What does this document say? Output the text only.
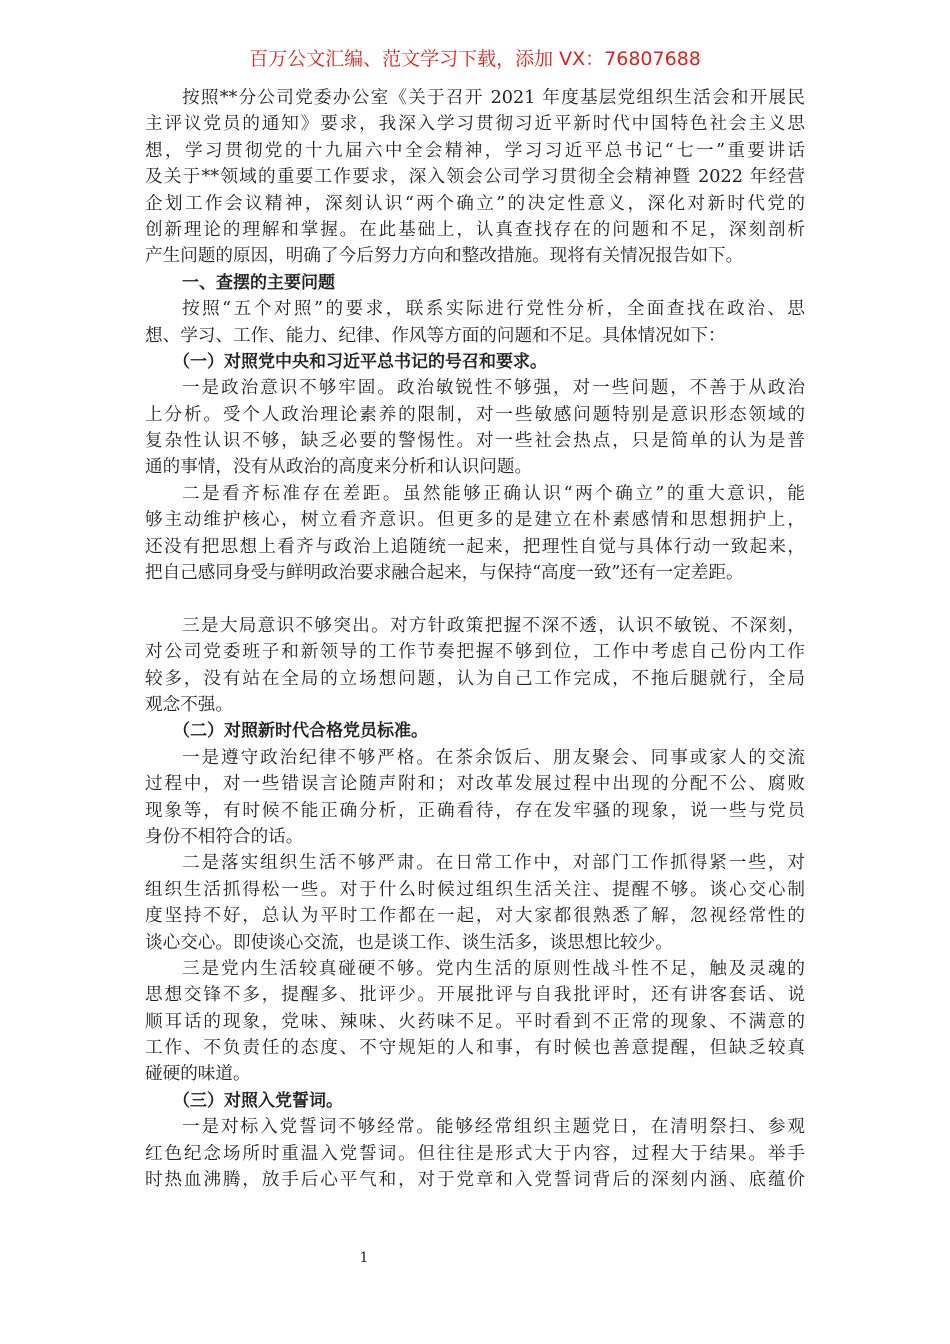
百万公文汇编、范文学习下载，添加 VX：76807688
按照**分公司党委办公室《关于召开 2021 年度基层党组织生活会和开展民
主评议党员的通知》要求，我深入学习贯彻习近平新时代中国特色社会主义思
想，学习贯彻党的十九届六中全会精神，学习习近平总书记“七一”重要讲话
及关于**领域的重要工作要求，深入领会公司学习贯彻全会精神暨 2022 年经营
企划工作会议精神，深刻认识“两个确立”的决定性意义，深化对新时代党的
创新理论的理解和掌握。在此基础上，认真查找存在的问题和不足，深刻剖析
产生问题的原因，明确了今后努力方向和整改措施。现将有关情况报告如下。
一、查摆的主要问题
按照“五个对照”的要求，联系实际进行党性分析，全面查找在政治、思
想、学习、工作、能力、纪律、作风等方面的问题和不足。具体情况如下：
（一）对照党中央和习近平总书记的号召和要求。
一是政治意识不够牢固。政治敏锐性不够强，对一些问题，不善于从政治
上分析。受个人政治理论素养的限制，对一些敏感问题特别是意识形态领域的
复杂性认识不够，缺乏必要的警惕性。对一些社会热点，只是简单的认为是普
通的事情，没有从政治的高度来分析和认识问题。
二是看齐标准存在差距。虽然能够正确认识“两个确立”的重大意识，能
够主动维护核心，树立看齐意识。但更多的是建立在朴素感情和思想拥护上，
还没有把思想上看齐与政治上追随统一起来，把理性自觉与具体行动一致起来，
把自己感同身受与鲜明政治要求融合起来，与保持“高度一致”还有一定差距。
三是大局意识不够突出。对方针政策把握不深不透，认识不敏锐、不深刻，
对公司党委班子和新领导的工作节奏把握不够到位，工作中考虑自己份内工作
较多，没有站在全局的立场想问题，认为自己工作完成，不拖后腿就行，全局
观念不强。
（二）对照新时代合格党员标准。
一是遵守政治纪律不够严格。在茶余饭后、朋友聚会、同事或家人的交流
过程中，对一些错误言论随声附和；对改革发展过程中出现的分配不公、腐败
现象等，有时候不能正确分析，正确看待，存在发牢骚的现象，说一些与党员
身份不相符合的话。
二是落实组织生活不够严肃。在日常工作中，对部门工作抓得紧一些，对
组织生活抓得松一些。对于什么时候过组织生活关注、提醒不够。谈心交心制
度坚持不好，总认为平时工作都在一起，对大家都很熟悉了解，忽视经常性的
谈心交心。即使谈心交流，也是谈工作、谈生活多，谈思想比较少。
三是党内生活较真碰硬不够。党内生活的原则性战斗性不足，触及灵魂的
思想交锋不多，提醒多、批评少。开展批评与自我批评时，还有讲客套话、说
顺耳话的现象，党味、辣味、火药味不足。平时看到不正常的现象、不满意的
工作、不负责任的态度、不守规矩的人和事，有时候也善意提醒，但缺乏较真
碰硬的味道。
（三）对照入党誓词。
一是对标入党誓词不够经常。能够经常组织主题党日，在清明祭扫、参观
红色纪念场所时重温入党誓词。但往往是形式大于内容，过程大于结果。举手
时热血沸腾，放手后心平气和，对于党章和入党誓词背后的深刻内涵、底蕴价
1
